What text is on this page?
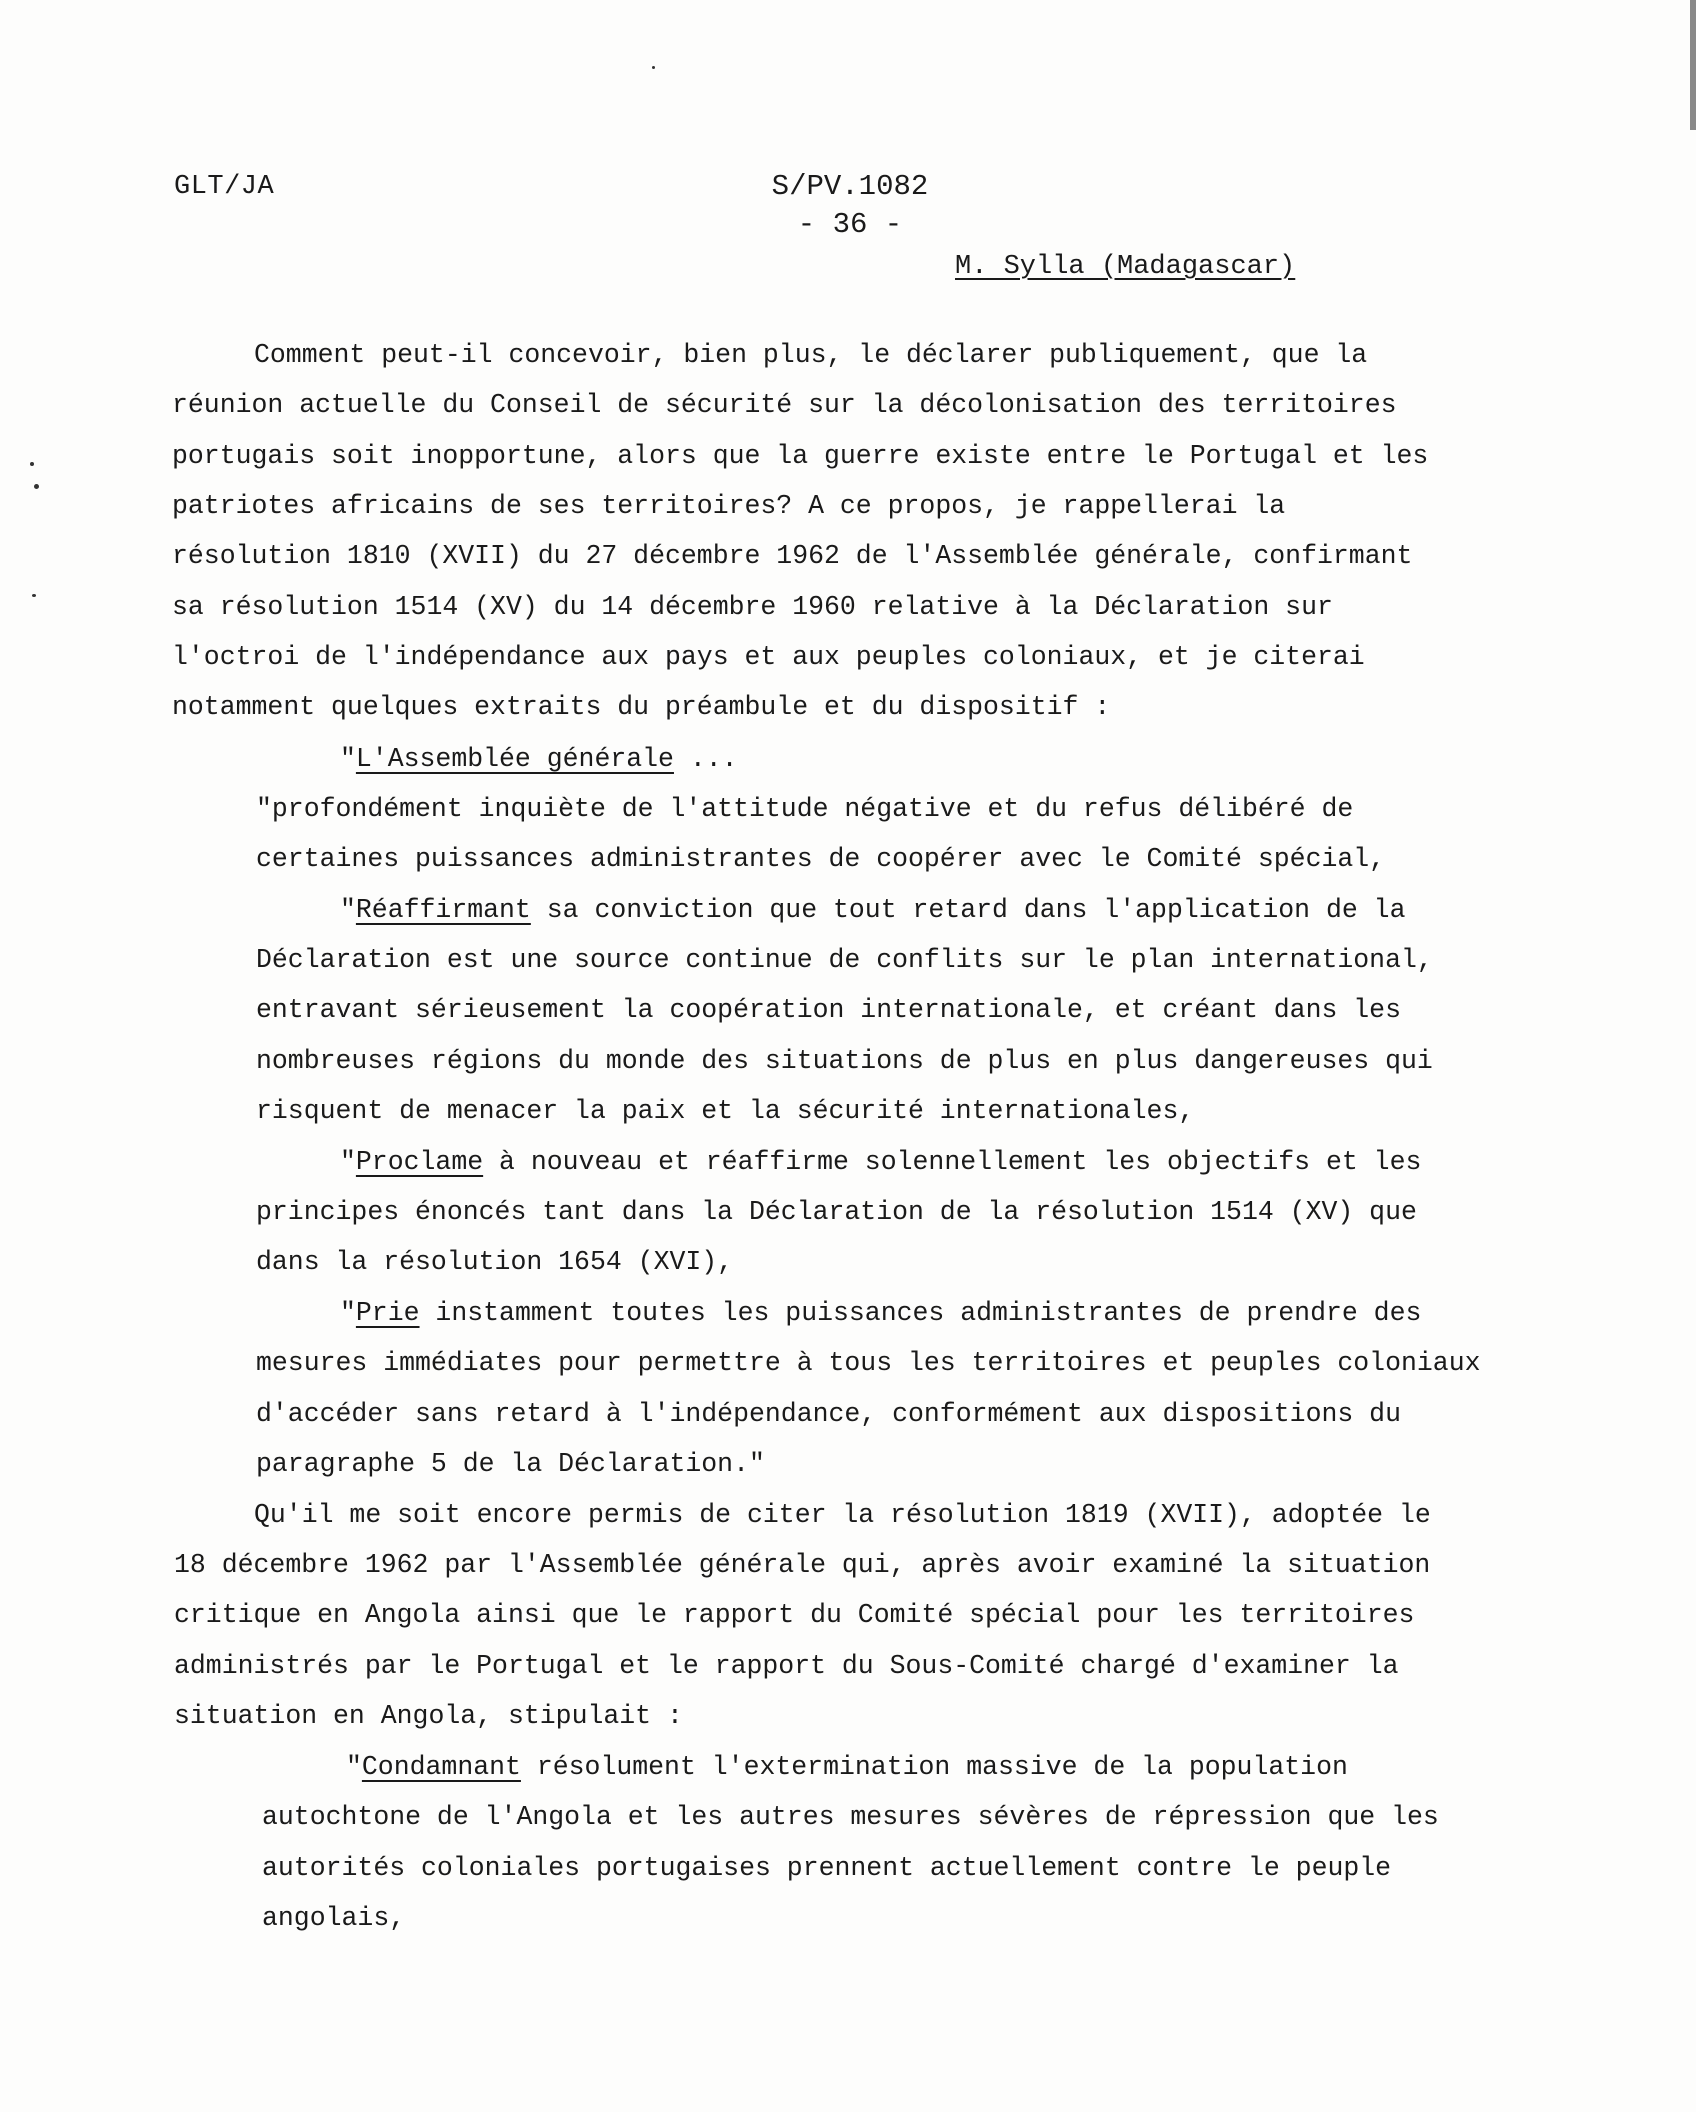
GLT/JA	S/PV.1082
- 36 -
M. Sylla (Madagascar)
Comment peut-il concevoir, bien plus, le déclarer publiquement, que la
réunion actuelle du Conseil de sécurité sur la décolonisation des territoires
portugais soit inopportune, alors que la guerre existe entre le Portugal et les
patriotes africains de ses territoires? A ce propos, je rappellerai la
résolution 1810 (XVII) du 27 décembre 1962 de l'Assemblée générale, confirmant
sa résolution 1514 (XV) du 14 décembre 1960 relative à la Déclaration sur
l'octroi de l'indépendance aux pays et aux peuples coloniaux, et je citerai
notamment quelques extraits du préambule et du dispositif :
"L'Assemblée générale ...
"profondément inquiète de l'attitude négative et du refus délibéré de
certaines puissances administrantes de coopérer avec le Comité spécial,
"Réaffirmant sa conviction que tout retard dans l'application de la
Déclaration est une source continue de conflits sur le plan international,
entravant sérieusement la coopération internationale, et créant dans les
nombreuses régions du monde des situations de plus en plus dangereuses qui
risquent de menacer la paix et la sécurité internationales,
"Proclame à nouveau et réaffirme solennellement les objectifs et les
principes énoncés tant dans la Déclaration de la résolution 1514 (XV) que
dans la résolution 1654 (XVI),
"Prie instamment toutes les puissances administrantes de prendre des
mesures immédiates pour permettre à tous les territoires et peuples coloniaux
d'accéder sans retard à l'indépendance, conformément aux dispositions du
paragraphe 5 de la Déclaration."
Qu'il me soit encore permis de citer la résolution 1819 (XVII), adoptée le
18 décembre 1962 par l'Assemblée générale qui, après avoir examiné la situation
critique en Angola ainsi que le rapport du Comité spécial pour les territoires
administrés par le Portugal et le rapport du Sous-Comité chargé d'examiner la
situation en Angola, stipulait :
"Condamnant résolument l'extermination massive de la population
autochtone de l'Angola et les autres mesures sévères de répression que les
autorités coloniales portugaises prennent actuellement contre le peuple
angolais,
